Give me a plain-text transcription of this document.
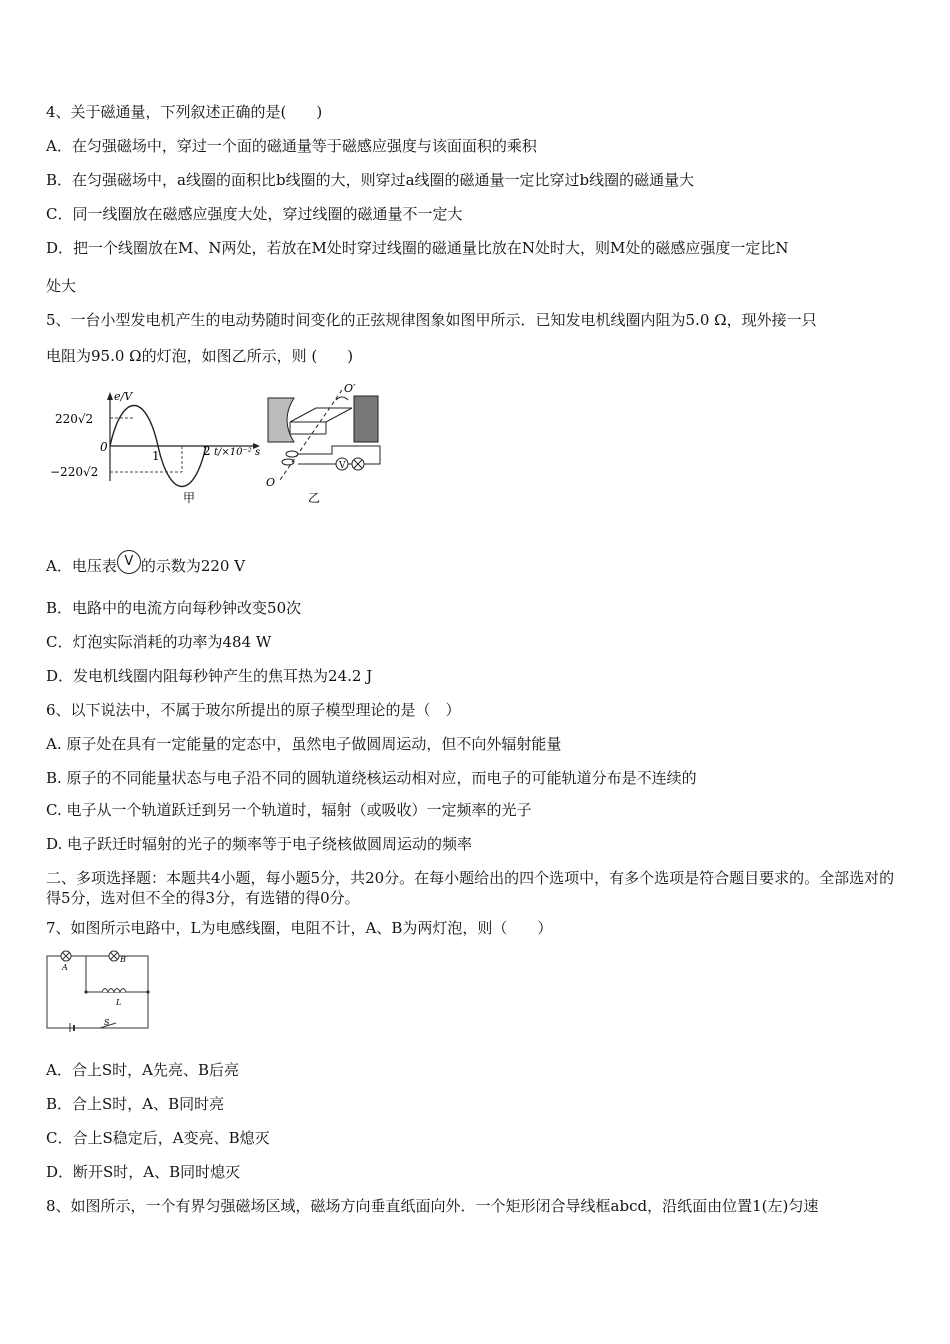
4、关于磁通量，下列叙述正确的是(　　)
A．在匀强磁场中，穿过一个面的磁通量等于磁感应强度与该面面积的乘积
B．在匀强磁场中，a线圈的面积比b线圈的大，则穿过a线圈的磁通量一定比穿过b线圈的磁通量大
C．同一线圈放在磁感应强度大处，穿过线圈的磁通量不一定大
D．把一个线圈放在M、N两处，若放在M处时穿过线圈的磁通量比放在N处时大，则M处的磁感应强度一定比N
处大
5、一台小型发电机产生的电动势随时间变化的正弦规律图象如图甲所示．已知发电机线圈内阻为5.0 Ω，现外接一只
电阻为95.0 Ω的灯泡，如图乙所示，则 (　　)
220√2
−220√2
e/V
0
1	2 t/×10⁻² s
甲
V
O′
O
乙
A．电压表 V 的示数为220 V
B．电路中的电流方向每秒钟改变50次
C．灯泡实际消耗的功率为484 W
D．发电机线圈内阻每秒钟产生的焦耳热为24.2 J
6、以下说法中，不属于玻尔所提出的原子模型理论的是（　）
A. 原子处在具有一定能量的定态中，虽然电子做圆周运动，但不向外辐射能量
B. 原子的不同能量状态与电子沿不同的圆轨道绕核运动相对应，而电子的可能轨道分布是不连续的
C. 电子从一个轨道跃迁到另一个轨道时，辐射（或吸收）一定频率的光子
D. 电子跃迁时辐射的光子的频率等于电子绕核做圆周运动的频率
二、多项选择题：本题共4小题，每小题5分，共20分。在每小题给出的四个选项中，有多个选项是符合题目要求的。全部选对的得5分，选对但不全的得3分，有选错的得0分。
7、如图所示电路中，L为电感线圈，电阻不计，A、B为两灯泡，则（　　）
A
B
L
S
A．合上S时，A先亮、B后亮
B．合上S时，A、B同时亮
C．合上S稳定后，A变亮、B熄灭
D．断开S时，A、B同时熄灭
8、如图所示，一个有界匀强磁场区域，磁场方向垂直纸面向外．一个矩形闭合导线框abcd，沿纸面由位置1(左)匀速
